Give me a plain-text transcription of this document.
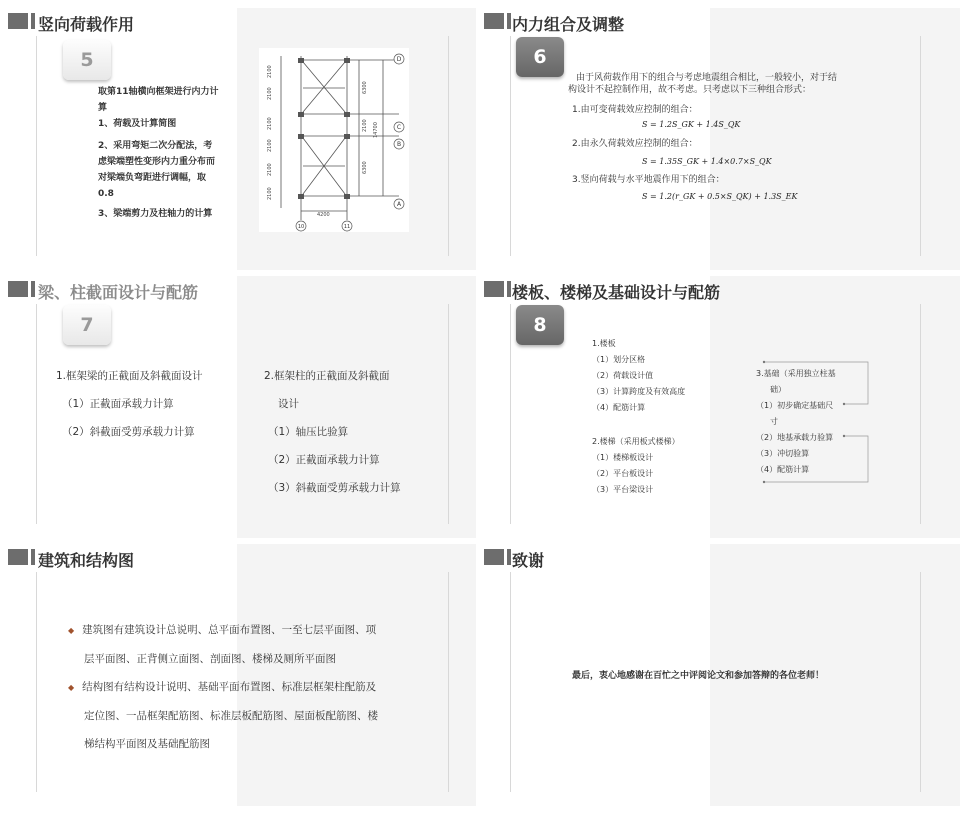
竖向荷载作用
5
取第11轴横向框架进行内力计
算
1、荷载及计算简图
2、采用弯矩二次分配法，考
虑梁端塑性变形内力重分布而
对梁端负弯距进行调幅，取
0.8
3、梁端剪力及柱轴力的计算
2100
2100
2100
2100
2100
2100
6300
2100
6300
14700
4200
D
C
B
A
10	11
内力组合及调整
6
由于风荷载作用下的组合与考虑地震组合相比，一般较小，对于结
构设计不起控制作用，故不考虑。只考虑以下三种组合形式：
1.由可变荷载效应控制的组合：
S = 1.2S_GK + 1.4S_QK
2.由永久荷载效应控制的组合：
S = 1.35S_GK + 1.4×0.7×S_QK
3.竖向荷载与水平地震作用下的组合：
S = 1.2(r_GK + 0.5×S_QK) + 1.3S_EK
梁、柱截面设计与配筋
7
1.框架梁的正截面及斜截面设计
（1）正截面承载力计算
（2）斜截面受剪承载力计算
2.框架柱的正截面及斜截面
设计
（1）轴压比验算
（2）正截面承载力计算
（3）斜截面受剪承载力计算
楼板、楼梯及基础设计与配筋
8
1.楼板
（1）划分区格
（2）荷载设计值
（3）计算跨度及有效高度
（4）配筋计算
2.楼梯（采用板式楼梯）
（1）楼梯板设计
（2）平台板设计
（3）平台梁设计
3.基础（采用独立柱基
础）
（1）初步确定基础尺
寸
（2）地基承载力验算
（3）冲切验算
（4）配筋计算
建筑和结构图
◆ 建筑图有建筑设计总说明、总平面布置图、一至七层平面图、项
层平面图、正背侧立面图、剖面图、楼梯及厕所平面图
◆ 结构图有结构设计说明、基础平面布置图、标准层框架柱配筋及
定位图、一品框架配筋图、标准层板配筋图、屋面板配筋图、楼
梯结构平面图及基础配筋图
致谢
最后，衷心地感谢在百忙之中评阅论文和参加答辩的各位老师！
